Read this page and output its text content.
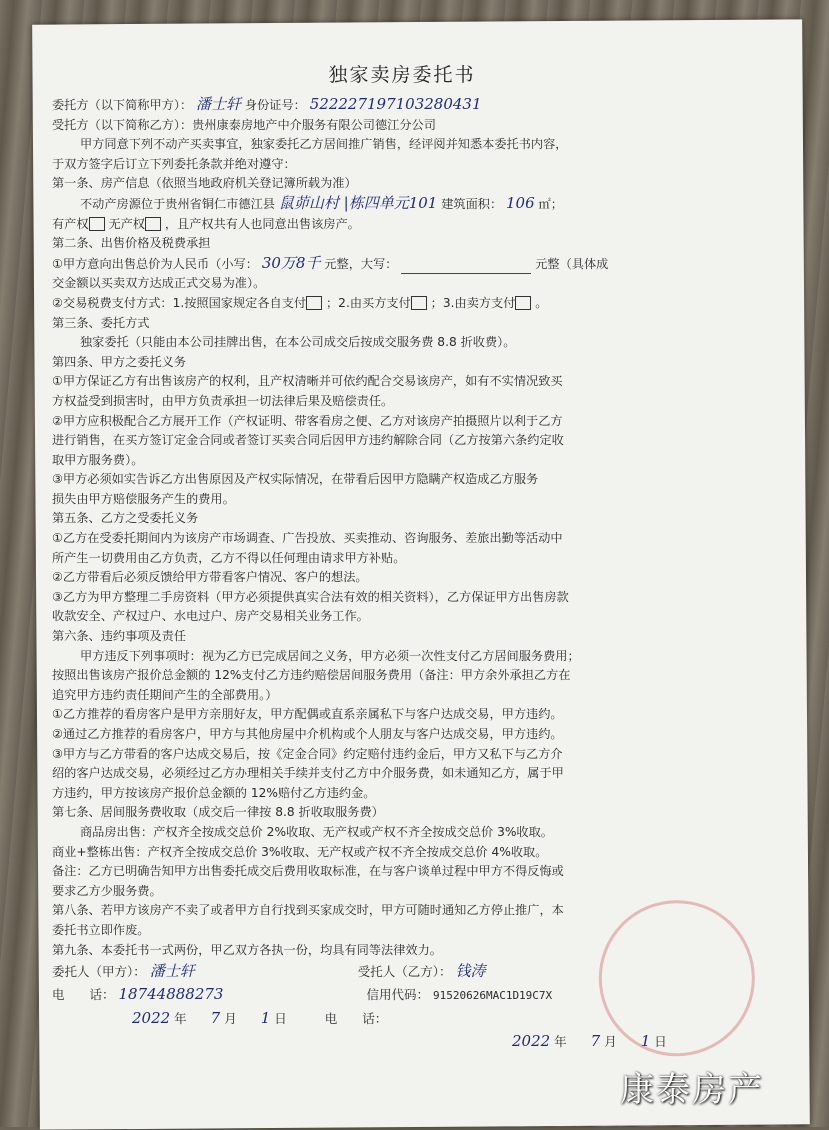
独家卖房委托书
委托方（以下简称甲方）： 潘士轩 身份证号： 522227197103280431
受托方（以下简称乙方）：贵州康泰房地产中介服务有限公司德江分公司
甲方同意下列不动产买卖事宜，独家委托乙方居间推广销售，经评阅并知悉本委托书内容，
于双方签字后订立下列委托条款并绝对遵守：
第一条、房产信息（依照当地政府机关登记簿所载为准）
不动产房源位于贵州省铜仁市德江县 鼠茆山村 |栋四单元101 建筑面积： 106 ㎡；
有产权 无产权 ，且产权共有人也同意出售该房产。
第二条、出售价格及税费承担
①甲方意向出售总价为人民币（小写： 30万8千 元整，大写：	元整（具体成
交金额以买卖双方达成正式交易为准）。
②交易税费支付方式：1.按照国家规定各自支付 ；2.由买方支付 ；3.由卖方支付 。
第三条、委托方式
独家委托（只能由本公司挂牌出售，在本公司成交后按成交服务费 8.8 折收费）。
第四条、甲方之委托义务
①甲方保证乙方有出售该房产的权利，且产权清晰并可依约配合交易该房产，如有不实情况致买
方权益受到损害时，由甲方负责承担一切法律后果及赔偿责任。
②甲方应积极配合乙方展开工作（产权证明、带客看房之便、乙方对该房产拍摄照片以利于乙方
进行销售，在买方签订定金合同或者签订买卖合同后因甲方违约解除合同（乙方按第六条约定收
取甲方服务费）。
③甲方必须如实告诉乙方出售原因及产权实际情况，在带看后因甲方隐瞒产权造成乙方服务
损失由甲方赔偿服务产生的费用。
第五条、乙方之受委托义务
①乙方在受委托期间内为该房产市场调查、广告投放、买卖推动、咨询服务、差旅出勤等活动中
所产生一切费用由乙方负责，乙方不得以任何理由请求甲方补贴。
②乙方带看后必须反馈给甲方带看客户情况、客户的想法。
③乙方为甲方整理二手房资料（甲方必须提供真实合法有效的相关资料），乙方保证甲方出售房款
收款安全、产权过户、水电过户、房产交易相关业务工作。
第六条、违约事项及责任
甲方违反下列事项时：视为乙方已完成居间之义务，甲方必须一次性支付乙方居间服务费用；
按照出售该房产报价总金额的 12%支付乙方违约赔偿居间服务费用（备注：甲方余外承担乙方在
追究甲方违约责任期间产生的全部费用。）
①乙方推荐的看房客户是甲方亲朋好友，甲方配偶或直系亲属私下与客户达成交易，甲方违约。
②通过乙方推荐的看房客户，甲方与其他房屋中介机构或个人朋友与客户达成交易，甲方违约。
③甲方与乙方带看的客户达成交易后，按《定金合同》约定赔付违约金后，甲方又私下与乙方介
绍的客户达成交易，必须经过乙方办理相关手续并支付乙方中介服务费，如未通知乙方，属于甲
方违约，甲方按该房产报价总金额的 12%赔付乙方违约金。
第七条、居间服务费收取（成交后一律按 8.8 折收取服务费）
商品房出售：产权齐全按成交总价 2%收取、无产权或产权不齐全按成交总价 3%收取。
商业+整栋出售：产权齐全按成交总价 3%收取、无产权或产权不齐全按成交总价 4%收取。
备注：乙方已明确告知甲方出售委托成交后费用收取标准，在与客户谈单过程中甲方不得反悔或
要求乙方少服务费。
第八条、若甲方该房产不卖了或者甲方自行找到买家成交时，甲方可随时通知乙方停止推广，本
委托书立即作废。
第九条、本委托书一式两份，甲乙双方各执一份，均具有同等法律效力。
委托人（甲方）： 潘士轩	受托人（乙方）： 钱涛
电　　话： 18744888273	信用代码： 91520626MAC1D19C7X
2022 年 7 月 1 日	电　　话：
2022 年 7 月 1 日
康泰房产
